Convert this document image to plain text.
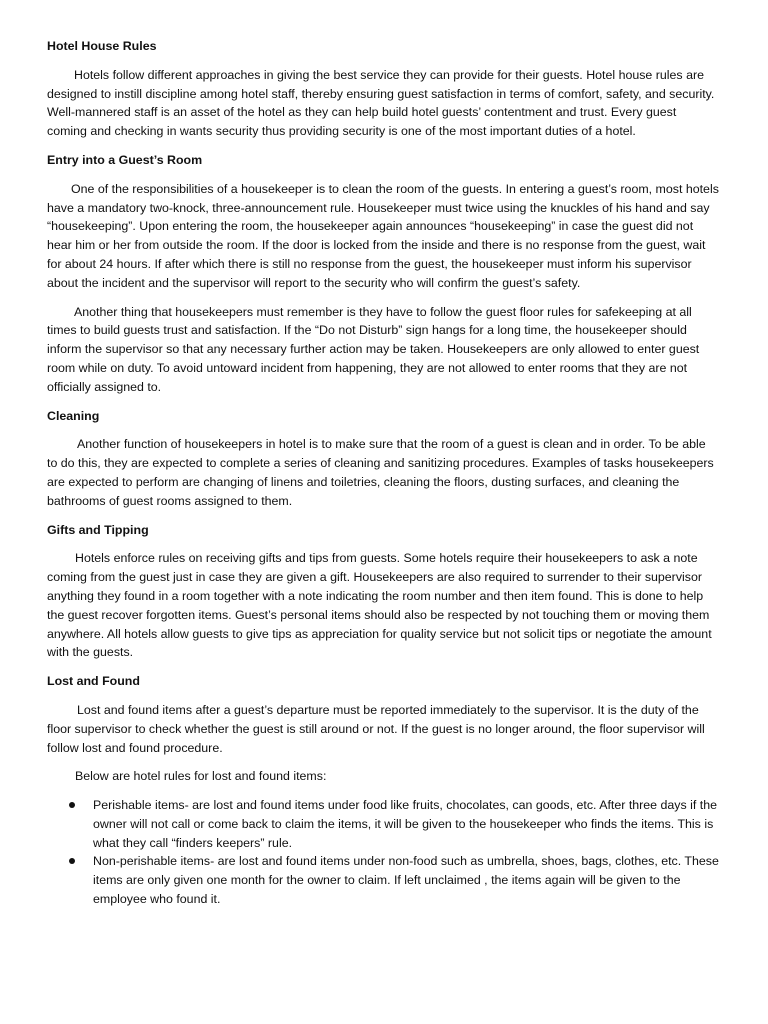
Hotel House Rules

Hotels follow different approaches in giving the best service they can provide for their guests. Hotel house rules are designed to instill discipline among hotel staff, thereby ensuring guest satisfaction in terms of comfort, safety, and security. Well-mannered staff is an asset of the hotel as they can help build hotel guests’ contentment and trust. Every guest coming and checking in wants security thus providing security is one of the most important duties of a hotel.

Entry into a Guest’s Room

One of the responsibilities of a housekeeper is to clean the room of the guests. In entering a guest’s room, most hotels have a mandatory two-knock, three-announcement rule. Housekeeper must twice using the knuckles of his hand and say “housekeeping”. Upon entering the room, the housekeeper again announces “housekeeping” in case the guest did not hear him or her from outside the room. If the door is locked from the inside and there is no response from the guest, wait for about 24 hours. If after which there is still no response from the guest, the housekeeper must inform his supervisor about the incident and the supervisor will report to the security who will confirm the guest’s safety.

Another thing that housekeepers must remember is they have to follow the guest floor rules for safekeeping at all times to build guests trust and satisfaction. If the “Do not Disturb” sign hangs for a long time, the housekeeper should inform the supervisor so that any necessary further action may be taken. Housekeepers are only allowed to enter guest room while on duty. To avoid untoward incident from happening, they are not allowed to enter rooms that they are not officially assigned to.

Cleaning

Another function of housekeepers in hotel is to make sure that the room of a guest is clean and in order. To be able to do this, they are expected to complete a series of cleaning and sanitizing procedures. Examples of tasks housekeepers are expected to perform are changing of linens and toiletries, cleaning the floors, dusting surfaces, and cleaning the bathrooms of guest rooms assigned to them.

Gifts and Tipping

Hotels enforce rules on receiving gifts and tips from guests. Some hotels require their housekeepers to ask a note coming from the guest just in case they are given a gift. Housekeepers are also required to surrender to their supervisor anything they found in a room together with a note indicating the room number and then item found. This is done to help the guest recover forgotten items. Guest’s personal items should also be respected by not touching them or moving them anywhere. All hotels allow guests to give tips as appreciation for quality service but not solicit tips or negotiate the amount with the guests.

Lost and Found

Lost and found items after a guest’s departure must be reported immediately to the supervisor. It is the duty of the floor supervisor to check whether the guest is still around or not. If the guest is no longer around, the floor supervisor will follow lost and found procedure.

Below are hotel rules for lost and found items:

Perishable items- are lost and found items under food like fruits, chocolates, can goods, etc. After three days if the owner will not call or come back to claim the items, it will be given to the housekeeper who finds the items. This is what they call “finders keepers” rule.
Non-perishable items- are lost and found items under non-food such as umbrella, shoes, bags, clothes, etc. These items are only given one month for the owner to claim. If left unclaimed , the items again will be given to the employee who found it.
